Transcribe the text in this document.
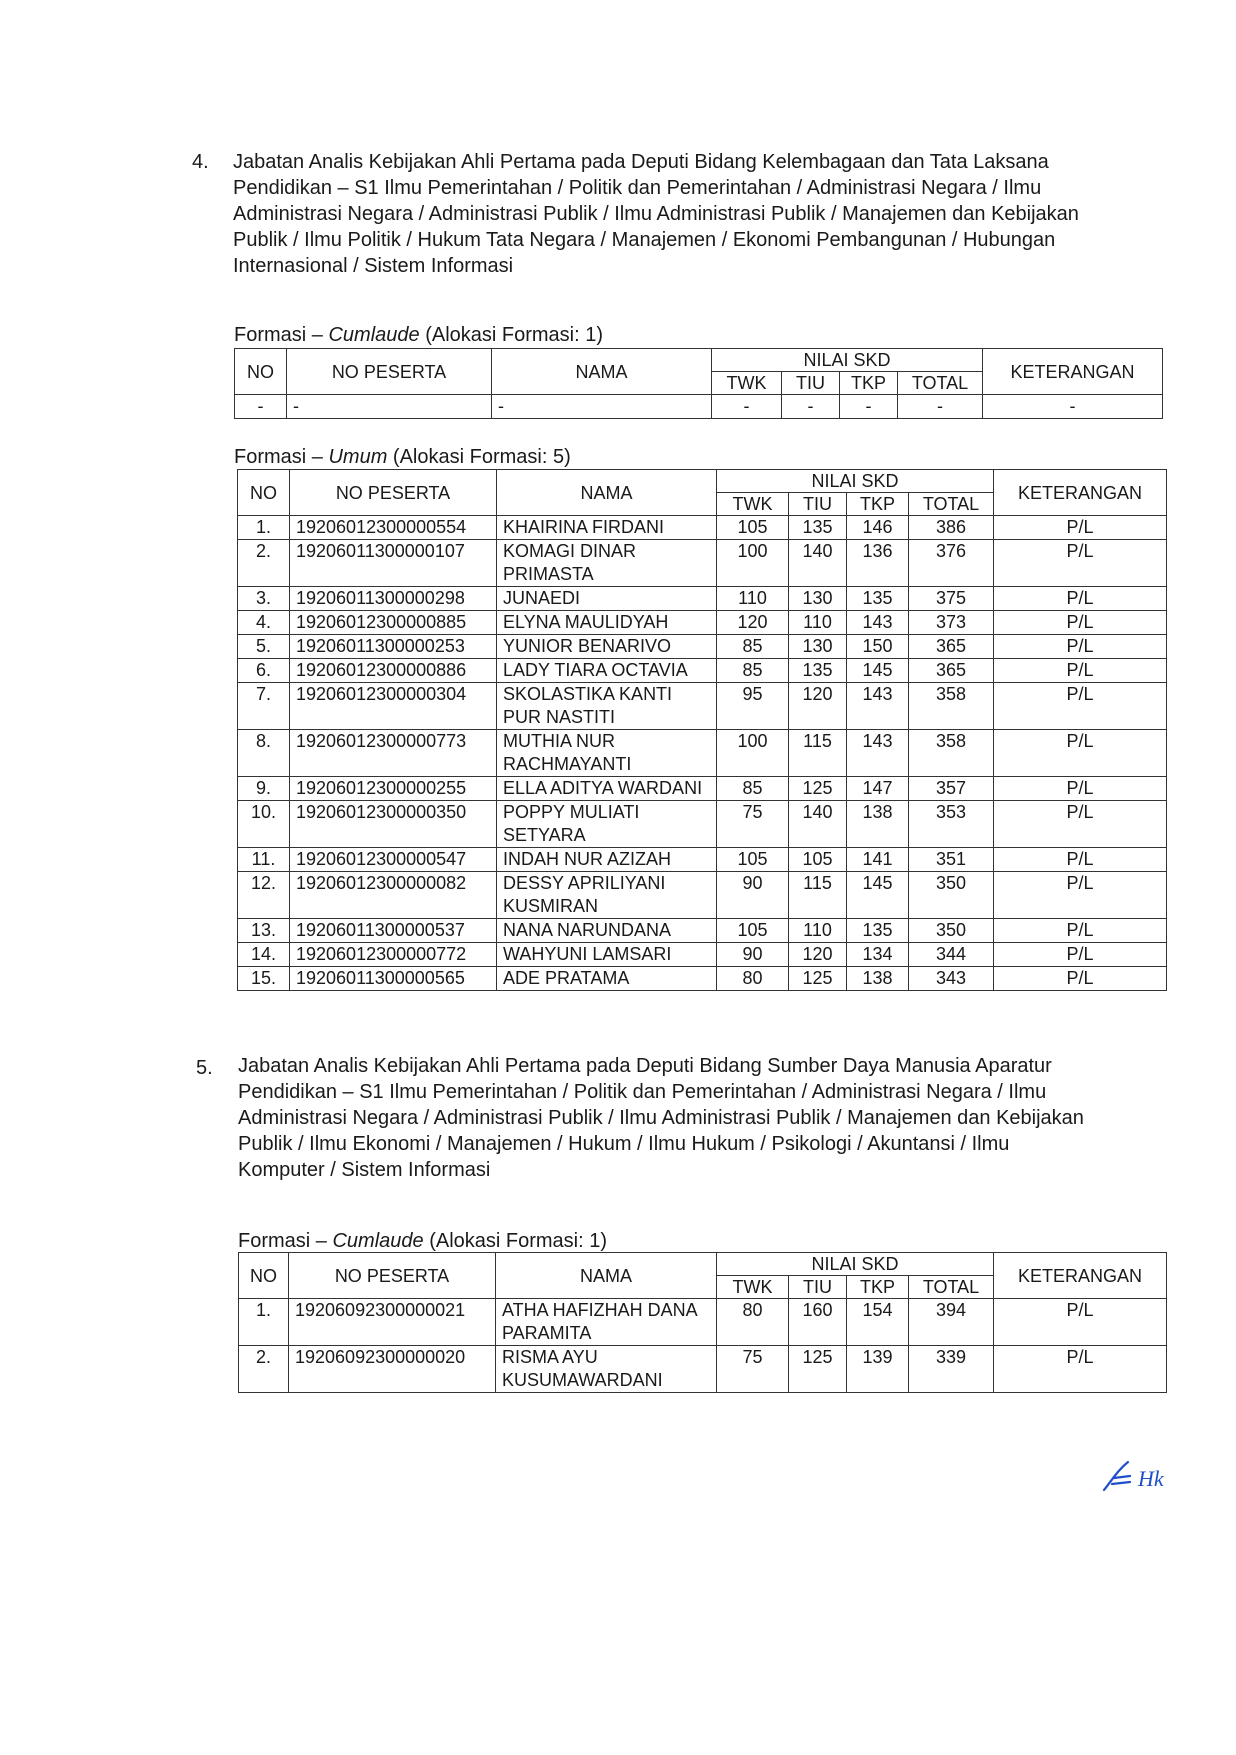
4. Jabatan Analis Kebijakan Ahli Pertama pada Deputi Bidang Kelembagaan dan Tata Laksana

Pendidikan – S1 Ilmu Pemerintahan / Politik dan Pemerintahan / Administrasi Negara / Ilmu Administrasi Negara / Administrasi Publik / Ilmu Administrasi Publik / Manajemen dan Kebijakan Publik / Ilmu Politik / Hukum Tata Negara / Manajemen / Ekonomi Pembangunan / Hubungan Internasional / Sistem Informasi

Formasi – Cumlaude (Alokasi Formasi: 1)
NO	NO PESERTA	NAMA	NILAI SKD				KETERANGAN
			TWK	TIU	TKP	TOTAL	
-	-	-	-	-	-	-	-
Formasi – Umum (Alokasi Formasi: 5)
NO	NO PESERTA	NAMA	NILAI SKD				KETERANGAN
			TWK	TIU	TKP	TOTAL	
1.	19206012300000554	KHAIRINA FIRDANI	105	135	146	386	P/L
2.	19206011300000107	KOMAGI DINAR PRIMASTA	100	140	136	376	P/L
3.	19206011300000298	JUNAEDI	110	130	135	375	P/L
4.	19206012300000885	ELYNA MAULIDYAH	120	110	143	373	P/L
5.	19206011300000253	YUNIOR BENARIVO	85	130	150	365	P/L
6.	19206012300000886	LADY TIARA OCTAVIA	85	135	145	365	P/L
7.	19206012300000304	SKOLASTIKA KANTI PUR NASTITI	95	120	143	358	P/L
8.	19206012300000773	MUTHIA NUR RACHMAYANTI	100	115	143	358	P/L
9.	19206012300000255	ELLA ADITYA WARDANI	85	125	147	357	P/L
10.	19206012300000350	POPPY MULIATI SETYARA	75	140	138	353	P/L
11.	19206012300000547	INDAH NUR AZIZAH	105	105	141	351	P/L
12.	19206012300000082	DESSY APRILIYANI KUSMIRAN	90	115	145	350	P/L
13.	19206011300000537	NANA NARUNDANA	105	110	135	350	P/L
14.	19206012300000772	WAHYUNI LAMSARI	90	120	134	344	P/L
15.	19206011300000565	ADE PRATAMA	80	125	138	343	P/L
5. Jabatan Analis Kebijakan Ahli Pertama pada Deputi Bidang Sumber Daya Manusia Aparatur

Pendidikan – S1 Ilmu Pemerintahan / Politik dan Pemerintahan / Administrasi Negara / Ilmu Administrasi Negara / Administrasi Publik / Ilmu Administrasi Publik / Manajemen dan Kebijakan Publik / Ilmu Ekonomi / Manajemen / Hukum / Ilmu Hukum / Psikologi / Akuntansi / Ilmu Komputer / Sistem Informasi

Formasi – Cumlaude (Alokasi Formasi: 1)
NO	NO PESERTA	NAMA	NILAI SKD				KETERANGAN
			TWK	TIU	TKP	TOTAL	
1.	19206092300000021	ATHA HAFIZHAH DANA PARAMITA	80	160	154	394	P/L
2.	19206092300000020	RISMA AYU KUSUMAWARDANI	75	125	139	339	P/L
Hk
